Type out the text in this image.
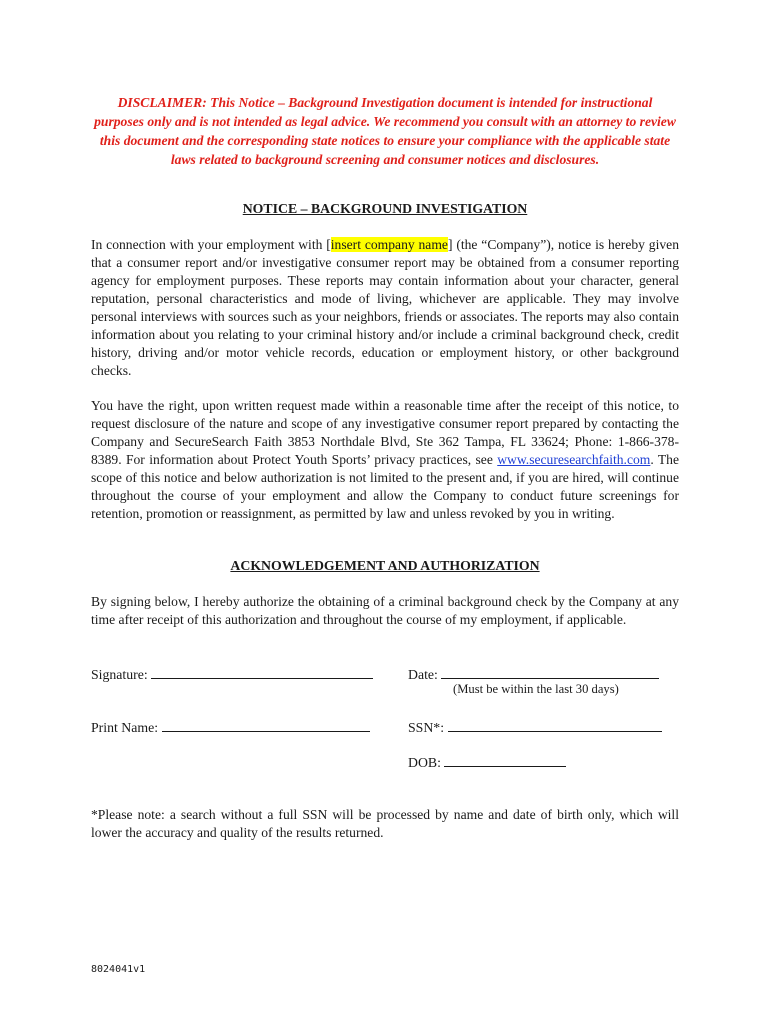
DISCLAIMER: This Notice – Background Investigation document is intended for instructional purposes only and is not intended as legal advice. We recommend you consult with an attorney to review this document and the corresponding state notices to ensure your compliance with the applicable state laws related to background screening and consumer notices and disclosures.
NOTICE – BACKGROUND INVESTIGATION
In connection with your employment with [insert company name] (the “Company”), notice is hereby given that a consumer report and/or investigative consumer report may be obtained from a consumer reporting agency for employment purposes. These reports may contain information about your character, general reputation, personal characteristics and mode of living, whichever are applicable. They may involve personal interviews with sources such as your neighbors, friends or associates. The reports may also contain information about you relating to your criminal history and/or include a criminal background check, credit history, driving and/or motor vehicle records, education or employment history, or other background checks.
You have the right, upon written request made within a reasonable time after the receipt of this notice, to request disclosure of the nature and scope of any investigative consumer report prepared by contacting the Company and SecureSearch Faith 3853 Northdale Blvd, Ste 362 Tampa, FL 33624; Phone: 1-866-378-8389. For information about Protect Youth Sports’ privacy practices, see www.securesearchfaith.com. The scope of this notice and below authorization is not limited to the present and, if you are hired, will continue throughout the course of your employment and allow the Company to conduct future screenings for retention, promotion or reassignment, as permitted by law and unless revoked by you in writing.
ACKNOWLEDGEMENT AND AUTHORIZATION
By signing below, I hereby authorize the obtaining of a criminal background check by the Company at any time after receipt of this authorization and throughout the course of my employment, if applicable.
Signature:	Date:
(Must be within the last 30 days)
Print Name:	SSN*:
DOB:
*Please note: a search without a full SSN will be processed by name and date of birth only, which will lower the accuracy and quality of the results returned.
8024041v1
